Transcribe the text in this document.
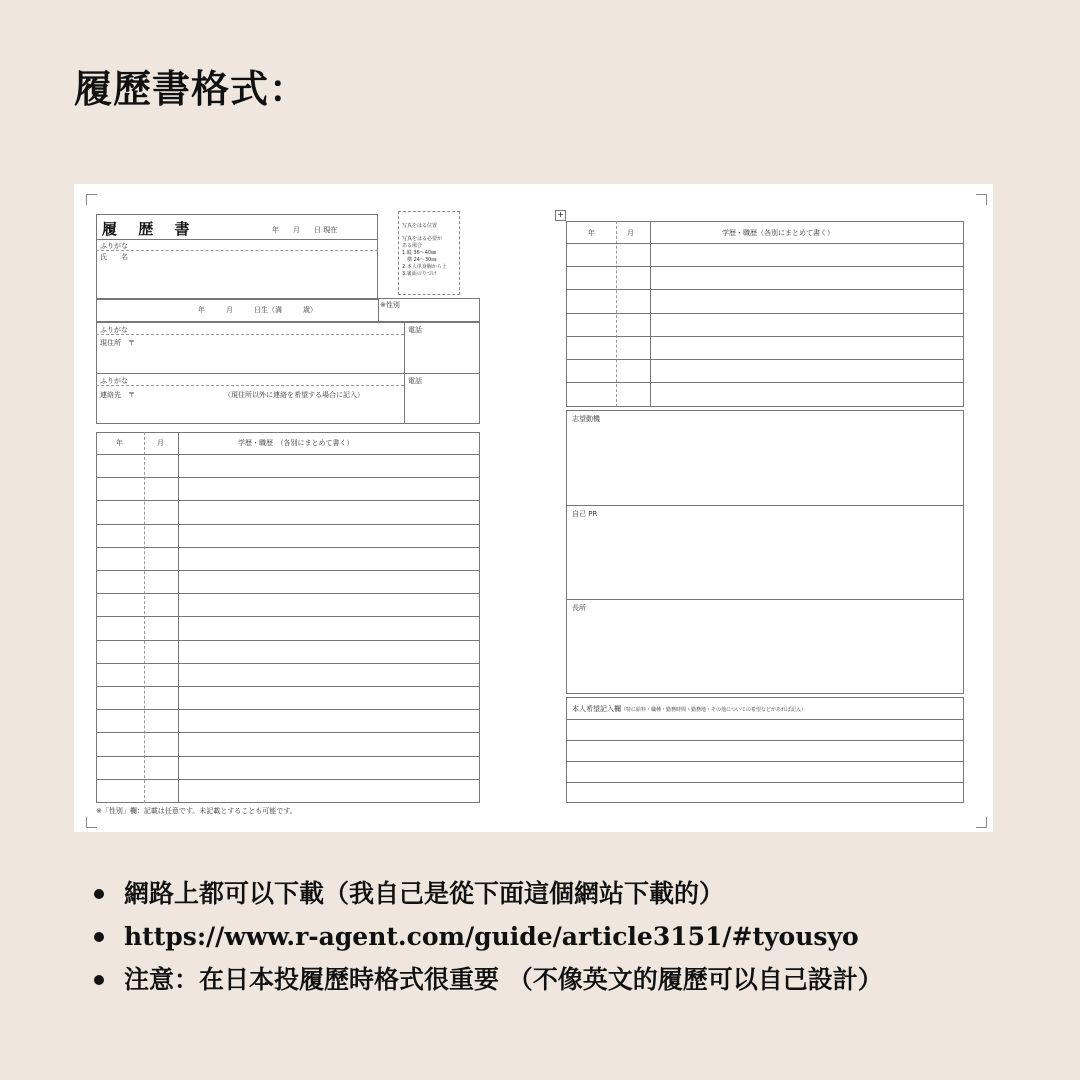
履歷書格式：
+
履 歴 書	年　　月　　日 現在
ふりがな
氏　　名
写真をはる位置
写真をはる必要が
ある場合
1.縦 36～40㎜
　横 24～30㎜
2.本人単身胸から上
3.裏面のりづけ
年　　　月　　　日生（満　　　歳）
※性別
ふりがな
現住所　〒
電話
ふりがな
連絡先　〒	（現住所以外に連絡を希望する場合に記入）
電話
年	月	学歴・職歴　（各別にまとめて書く）
※「性別」欄：記載は任意です。未記載とすることも可能です。
年	月	学歴・職歴（各別にまとめて書く）
志望動機
自己 PR
長所
本人希望記入欄（特に給料・職種・勤務時間・勤務地・その他についての希望などがあれば記入）
網路上都可以下載（我自己是從下面這個網站下載的）
https://www.r-agent.com/guide/article3151/#tyousyo
注意：在日本投履歷時格式很重要 （不像英文的履歷可以自己設計）
